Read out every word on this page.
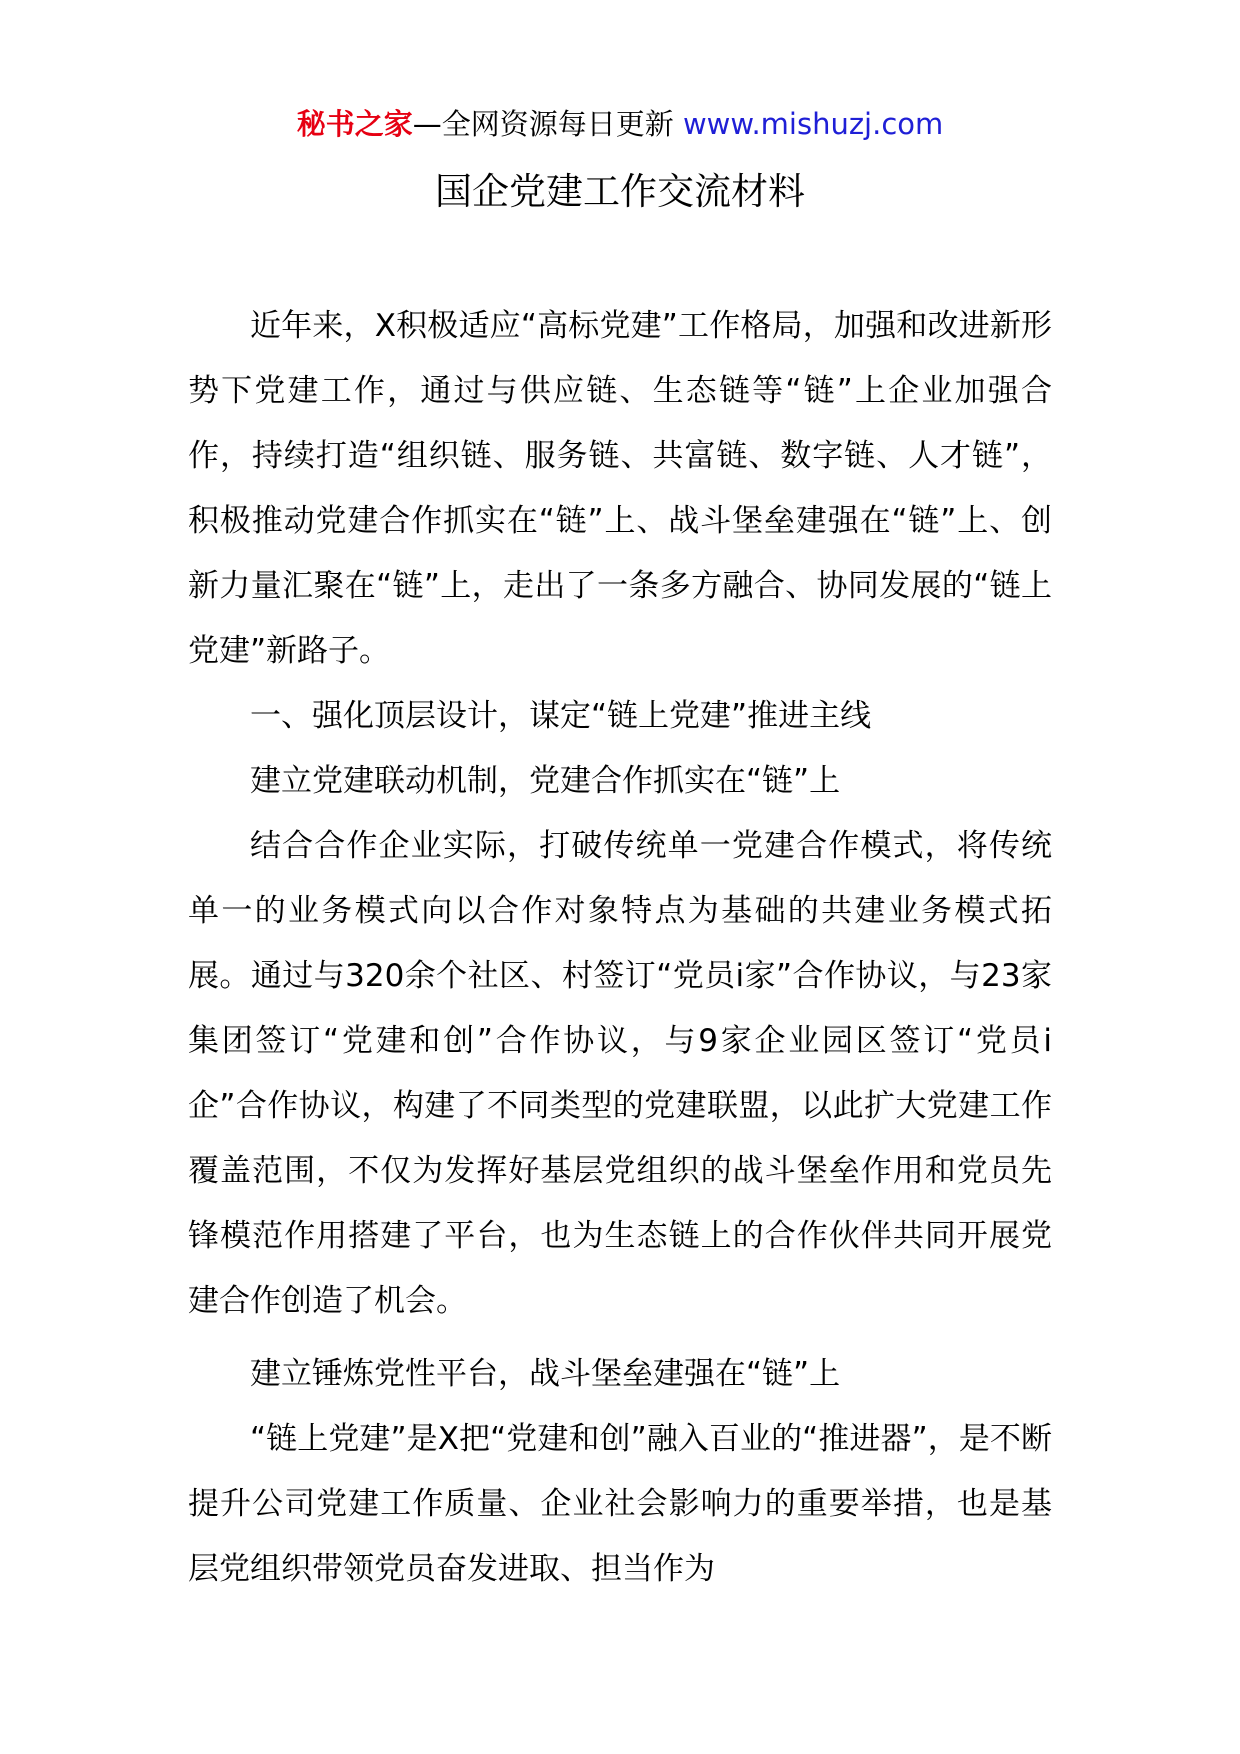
秘书之家—全网资源每日更新 www.mishuzj.com
国企党建工作交流材料

近年来，X积极适应“高标党建”工作格局，加强和改进新形势下党建工作，通过与供应链、生态链等“链”上企业加强合作，持续打造“组织链、服务链、共富链、数字链、人才链”，积极推动党建合作抓实在“链”上、战斗堡垒建强在“链”上、创新力量汇聚在“链”上，走出了一条多方融合、协同发展的“链上党建”新路子。

一、强化顶层设计，谋定“链上党建”推进主线

建立党建联动机制，党建合作抓实在“链”上

结合合作企业实际，打破传统单一党建合作模式，将传统单一的业务模式向以合作对象特点为基础的共建业务模式拓展。通过与320余个社区、村签订“党员i家”合作协议，与23家集团签订“党建和创”合作协议，与9家企业园区签订“党员i企”合作协议，构建了不同类型的党建联盟，以此扩大党建工作覆盖范围，不仅为发挥好基层党组织的战斗堡垒作用和党员先锋模范作用搭建了平台，也为生态链上的合作伙伴共同开展党建合作创造了机会。

建立锤炼党性平台，战斗堡垒建强在“链”上

“链上党建”是X把“党建和创”融入百业的“推进器”，是不断提升公司党建工作质量、企业社会影响力的重要举措，也是基层党组织带领党员奋发进取、担当作为
